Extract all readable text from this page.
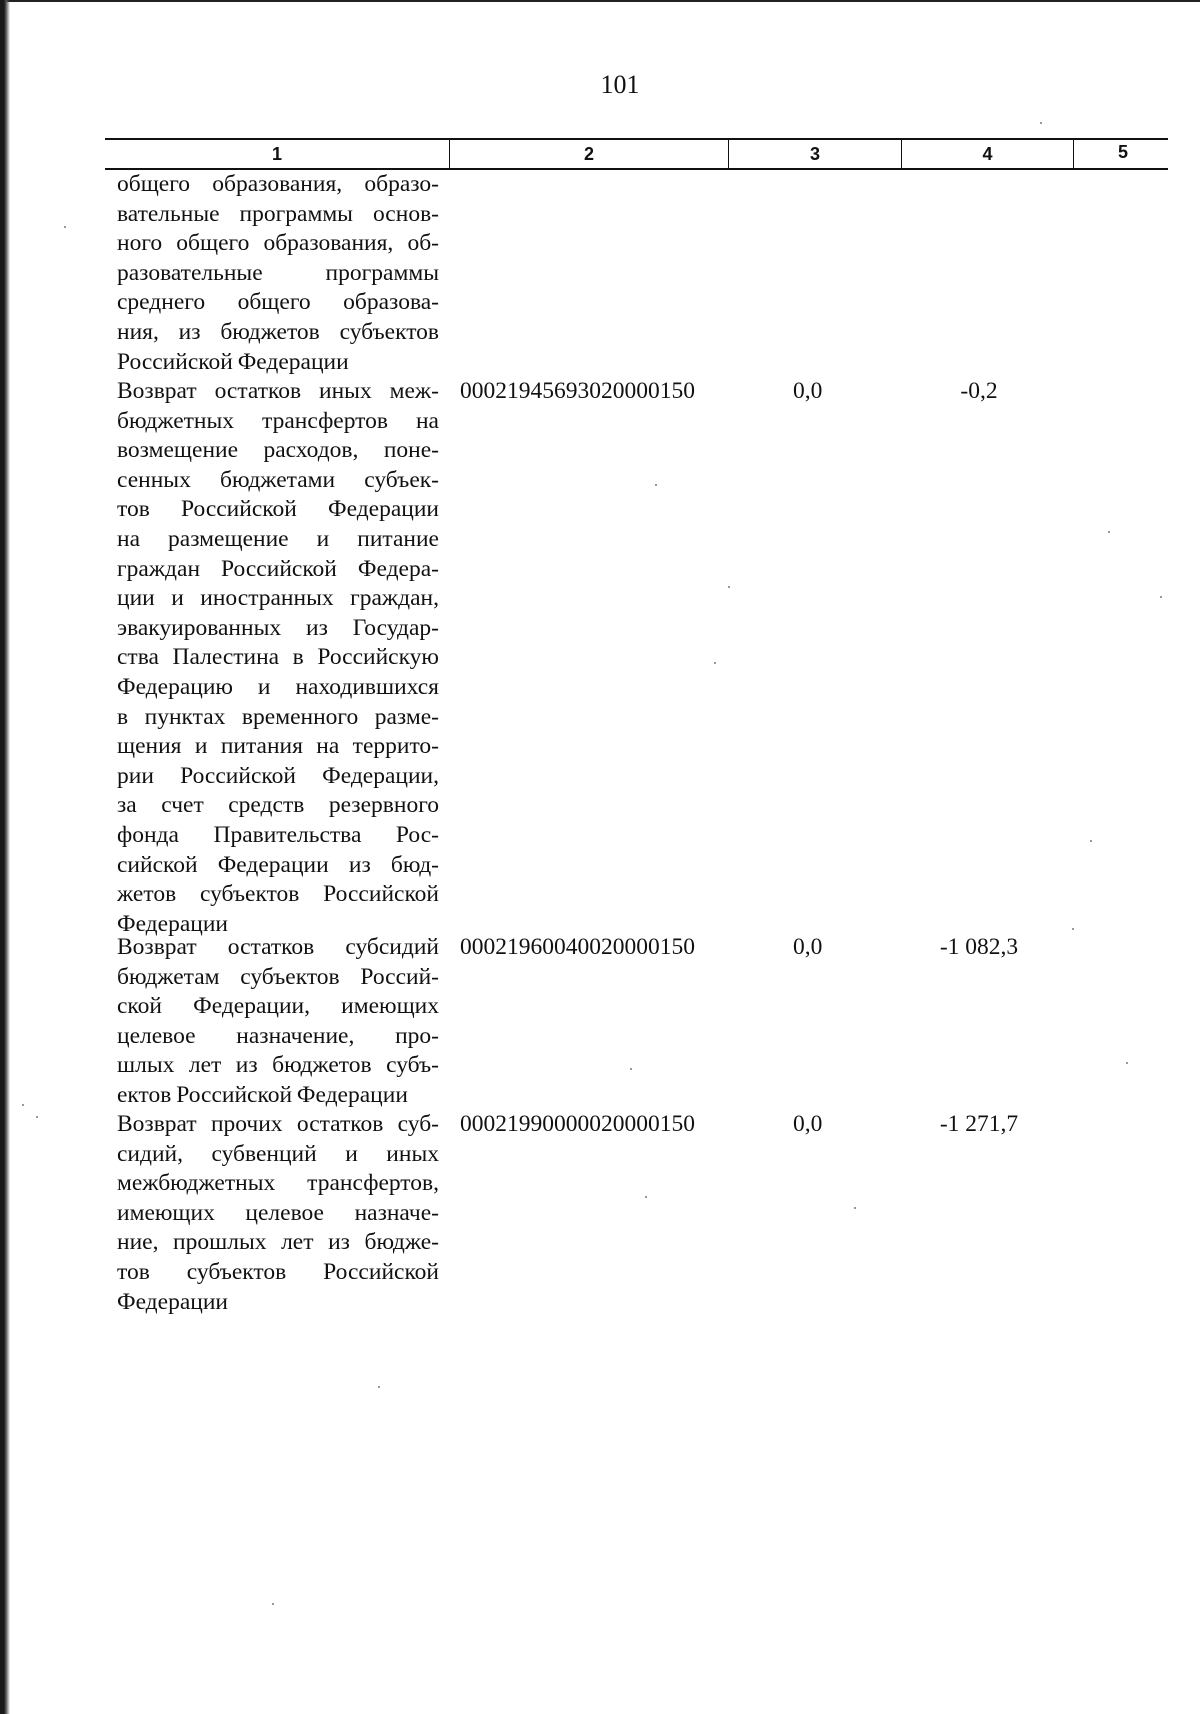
101
1	2	3	4	5
общего образования, образо-
вательные программы основ-
ного общего образования, об-
разовательные программы
среднего общего образова-
ния, из бюджетов субъектов
Российской Федерации
Возврат остатков иных меж-
бюджетных трансфертов на
возмещение расходов, поне-
сенных бюджетами субъек-
тов Российской Федерации
на размещение и питание
граждан Российской Федера-
ции и иностранных граждан,
эвакуированных из Государ-
ства Палестина в Российскую
Федерацию и находившихся
в пунктах временного разме-
щения и питания на террито-
рии Российской Федерации,
за счет средств резервного
фонда Правительства Рос-
сийской Федерации из бюд-
жетов субъектов Российской
Федерации
00021945693020000150	0,0	-0,2
Возврат остатков субсидий
бюджетам субъектов Россий-
ской Федерации, имеющих
целевое назначение, про-
шлых лет из бюджетов субъ-
ектов Российской Федерации
00021960040020000150	0,0	-1 082,3
Возврат прочих остатков суб-
сидий, субвенций и иных
межбюджетных трансфертов,
имеющих целевое назначе-
ние, прошлых лет из бюдже-
тов субъектов Российской
Федерации
00021990000020000150	0,0	-1 271,7
